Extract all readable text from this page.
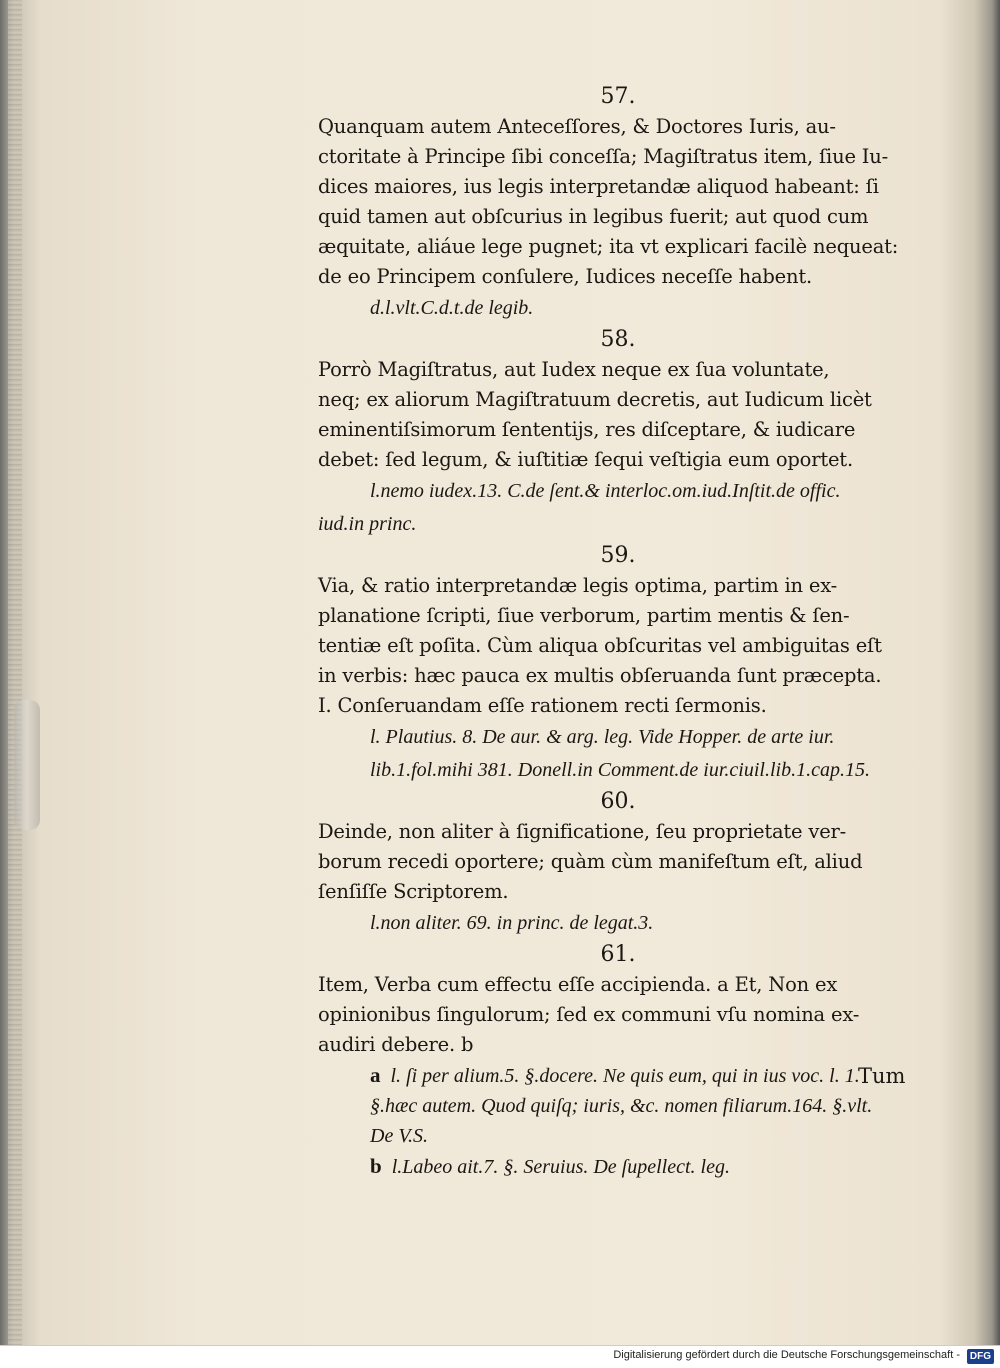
57.
Quanquam autem Anteceſſores, & Doctores Iuris, au-
ctoritate à Principe ſibi conceſſa; Magiſtratus item, ſiue Iu-
dices maiores, ius legis interpretandæ aliquod habeant: ſi
quid tamen aut obſcurius in legibus fuerit; aut quod cum
æquitate, aliáue lege pugnet; ita vt explicari facilè nequeat:
de eo Principem conſulere, Iudices neceſſe habent.
d.l.vlt.C.d.t.de legib.
58.
Porrò Magiſtratus, aut Iudex neque ex ſua voluntate,
neq; ex aliorum Magiſtratuum decretis, aut Iudicum licèt
eminentiſsimorum ſententijs, res diſceptare, & iudicare
debet: ſed legum, & iuſtitiæ ſequi veſtigia eum oportet.
l.nemo iudex.13. C.de ſent.& interloc.om.iud.Inſtit.de offic.
iud.in princ.
59.
Via, & ratio interpretandæ legis optima, partim in ex-
planatione ſcripti, ſiue verborum, partim mentis & ſen-
tentiæ eſt poſita. Cùm aliqua obſcuritas vel ambiguitas eſt
in verbis: hæc pauca ex multis obſeruanda ſunt præcepta.
I. Conſeruandam eſſe rationem recti ſermonis.
l. Plautius. 8. De aur. & arg. leg. Vide Hopper. de arte iur.
lib.1.fol.mihi 381. Donell.in Comment.de iur.ciuil.lib.1.cap.15.
60.
Deinde, non aliter à ſignificatione, ſeu proprietate ver-
borum recedi oportere; quàm cùm manifeſtum eſt, aliud
ſenſiſſe Scriptorem.
l.non aliter. 69. in princ. de legat.3.
61.
Item, Verba cum effectu eſſe accipienda. a Et, Non ex
opinionibus ſingulorum; ſed ex communi vſu nomina ex-
audiri debere. b
a l. ſi per alium.5. §.docere. Ne quis eum, qui in ius voc. l. 1.
§.hæc autem. Quod quiſq; iuris, &c. nomen filiarum.164. §.vlt.
De V.S.
b l.Labeo ait.7. §. Seruius. De ſupellect. leg.
Tum
Digitalisierung gefördert durch die Deutsche Forschungsgemeinschaft - DFG
